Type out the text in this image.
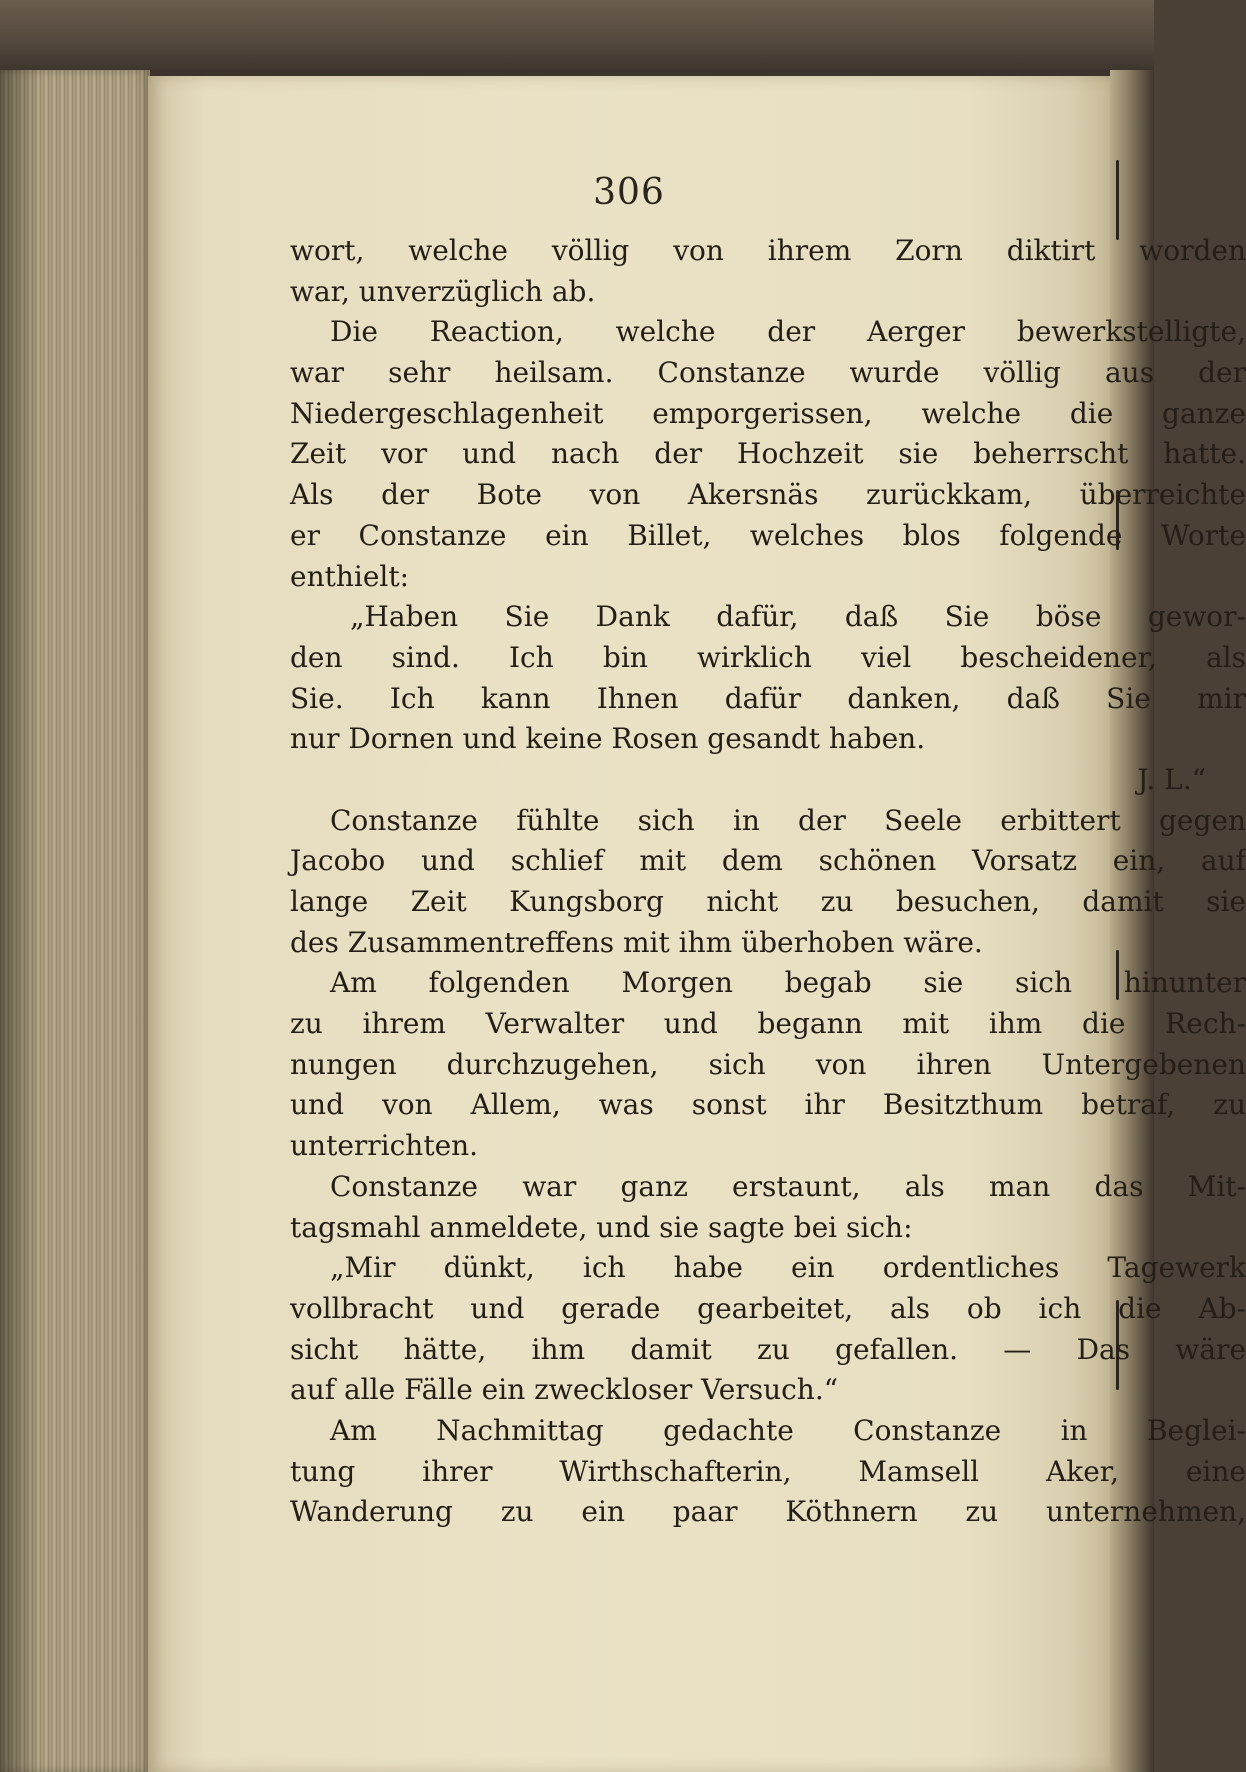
306
wort, welche völlig von ihrem Zorn diktirt worden
war, unverzüglich ab.
Die Reaction, welche der Aerger bewerkstelligte,
war sehr heilsam. Constanze wurde völlig aus der
Niedergeschlagenheit emporgerissen, welche die ganze
Zeit vor und nach der Hochzeit sie beherrscht hatte.
Als der Bote von Akersnäs zurückkam, überreichte
er Constanze ein Billet, welches blos folgende Worte
enthielt:
„Haben Sie Dank dafür, daß Sie böse gewor-
den sind. Ich bin wirklich viel bescheidener, als
Sie. Ich kann Ihnen dafür danken, daß Sie mir
nur Dornen und keine Rosen gesandt haben.
J. L.“
Constanze fühlte sich in der Seele erbittert gegen
Jacobo und schlief mit dem schönen Vorsatz ein, auf
lange Zeit Kungsborg nicht zu besuchen, damit sie
des Zusammentreffens mit ihm überhoben wäre.
Am folgenden Morgen begab sie sich hinunter
zu ihrem Verwalter und begann mit ihm die Rech-
nungen durchzugehen, sich von ihren Untergebenen
und von Allem, was sonst ihr Besitzthum betraf, zu
unterrichten.
Constanze war ganz erstaunt, als man das Mit-
tagsmahl anmeldete, und sie sagte bei sich:
„Mir dünkt, ich habe ein ordentliches Tagewerk
vollbracht und gerade gearbeitet, als ob ich die Ab-
sicht hätte, ihm damit zu gefallen. — Das wäre
auf alle Fälle ein zweckloser Versuch.“
Am Nachmittag gedachte Constanze in Beglei-
tung ihrer Wirthschafterin, Mamsell Aker, eine
Wanderung zu ein paar Köthnern zu unternehmen,
